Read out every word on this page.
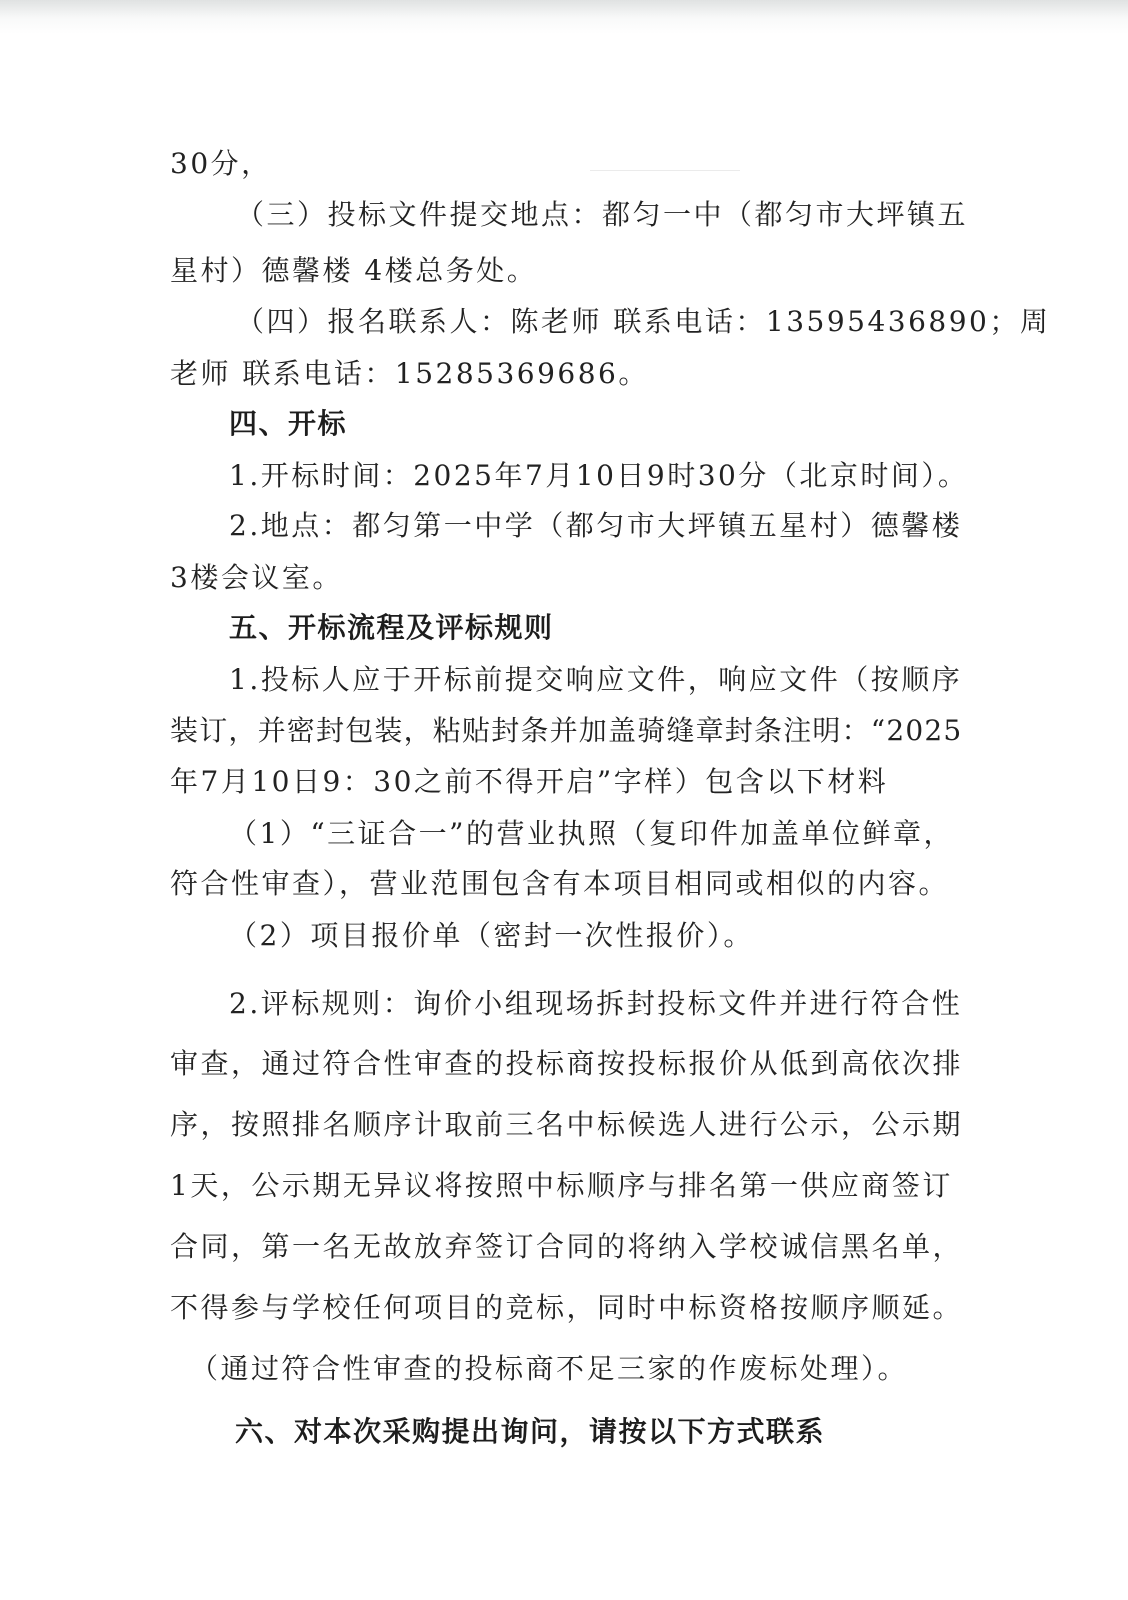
30分，
（三）投标文件提交地点：都匀一中（都匀市大坪镇五
星村）德馨楼 4楼总务处。
（四）报名联系人：陈老师 联系电话：13595436890；周
老师 联系电话：15285369686。
四、开标
1.开标时间：2025年7月10日9时30分（北京时间）。
2.地点：都匀第一中学（都匀市大坪镇五星村）德馨楼
3楼会议室。
五、开标流程及评标规则
1.投标人应于开标前提交响应文件，响应文件（按顺序
装订，并密封包装，粘贴封条并加盖骑缝章封条注明：“2025
年7月10日9：30之前不得开启”字样）包含以下材料
（1）“三证合一”的营业执照（复印件加盖单位鲜章，
符合性审查），营业范围包含有本项目相同或相似的内容。
（2）项目报价单（密封一次性报价）。
2.评标规则：询价小组现场拆封投标文件并进行符合性
审查，通过符合性审查的投标商按投标报价从低到高依次排
序，按照排名顺序计取前三名中标候选人进行公示，公示期
1天，公示期无异议将按照中标顺序与排名第一供应商签订
合同，第一名无故放弃签订合同的将纳入学校诚信黑名单，
不得参与学校任何项目的竞标，同时中标资格按顺序顺延。
（通过符合性审查的投标商不足三家的作废标处理）。
六、对本次采购提出询问，请按以下方式联系
